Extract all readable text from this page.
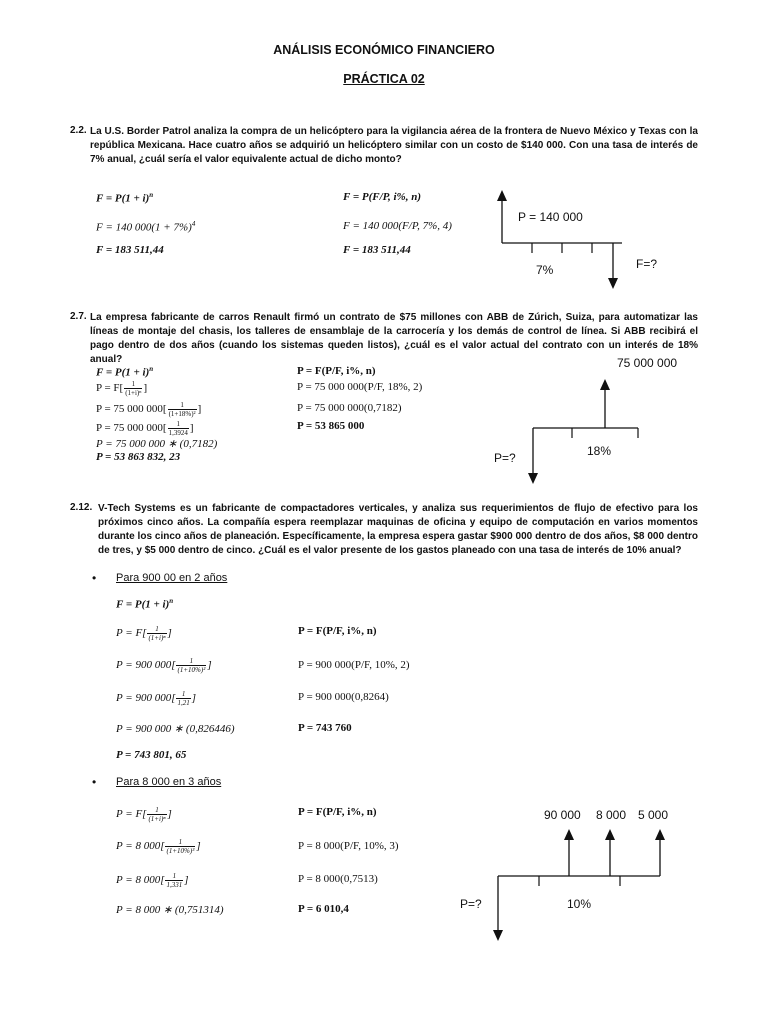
ANÁLISIS ECONÓMICO FINANCIERO
PRÁCTICA 02
2.2. La U.S. Border Patrol analiza la compra de un helicóptero para la vigilancia aérea de la frontera de Nuevo México y Texas con la república Mexicana. Hace cuatro años se adquirió un helicóptero similar con un costo de $140 000. Con una tasa de interés de 7% anual, ¿cuál sería el valor equivalente actual de dicho monto?
$F = P(1 + i)^n$
F = 140 $000(1 + 7\%)^4$
F = 183 511,44
F = P(F/P, i%, n)
F = 140 000(F/P, 7%, 4)
F = 183 511,44
P = 140 000
7%	F=?
2.7. La empresa fabricante de carros Renault firmó un contrato de $75 millones con ABB de Zúrich, Suiza, para automatizar las líneas de montaje del chasis, los talleres de ensamblaje de la carrocería y los demás de control de línea. Si ABB recibirá el pago dentro de dos años (cuando los sistemas queden listos), ¿cuál es el valor actual del contrato con un interés de 18% anual?
$F = P(1 + i)^n$
$P = F[ \frac{1}{\text{(1+i)ⁿ}}$ ]
P = 75 000 $000[ \frac{1}{\text{(1+18\%)²}}$ ]
P = 75 000 $000[ \frac{1}{1,3924}$ ]
P = 75 000 000 ∗ (0,7182)
P = 53 863 832, 23
P = F(P/F, i%, n)
P = 75 000 000(P/F, 18%, 2)
P = 75 000 000(0,7182)
P = 53 865 000
75 000 000
18%
P=?
2.12. V-Tech Systems es un fabricante de compactadores verticales, y analiza sus requerimientos de flujo de efectivo para los próximos cinco años. La compañía espera reemplazar maquinas de oficina y equipo de computación en varios momentos durante los cinco años de planeación. Específicamente, la empresa espera gastar $900 000 dentro de dos años, $8 000 dentro de tres, y $5 000 dentro de cinco. ¿Cuál es el valor presente de los gastos planeado con una tasa de interés de 10% anual?
• Para 900 00 en 2 años
$F = P(1 + i)^n$
$P = F[ \frac{1}{\text{(1+i)ⁿ}}$ ]
P = 900 $000[ \frac{1}{\text{(1+10\%)²}}$ ]
P = 900 $000[ \frac{1}{1,21}$ ]
P = 900 000 ∗ (0,826446)
P = 743 801, 65
P = F(P/F, i%, n)
P = 900 000(P/F, 10%, 2)
P = 900 000(0,8264)
P = 743 760
• Para 8 000 en 3 años
$P = F[ \frac{1}{\text{(1+i)ⁿ}}$ ]
P = 8 $000[ \frac{1}{\text{(1+10\%)³}}$ ]
P = 8 $000[ \frac{1}{1,331}$ ]
P = 8 000 ∗ (0,751314)
P = F(P/F, i%, n)
P = 8 000(P/F, 10%, 3)
P = 8 000(0,7513)
P = 6 010,4
90 000 8 000 5 000
10%
P=?
